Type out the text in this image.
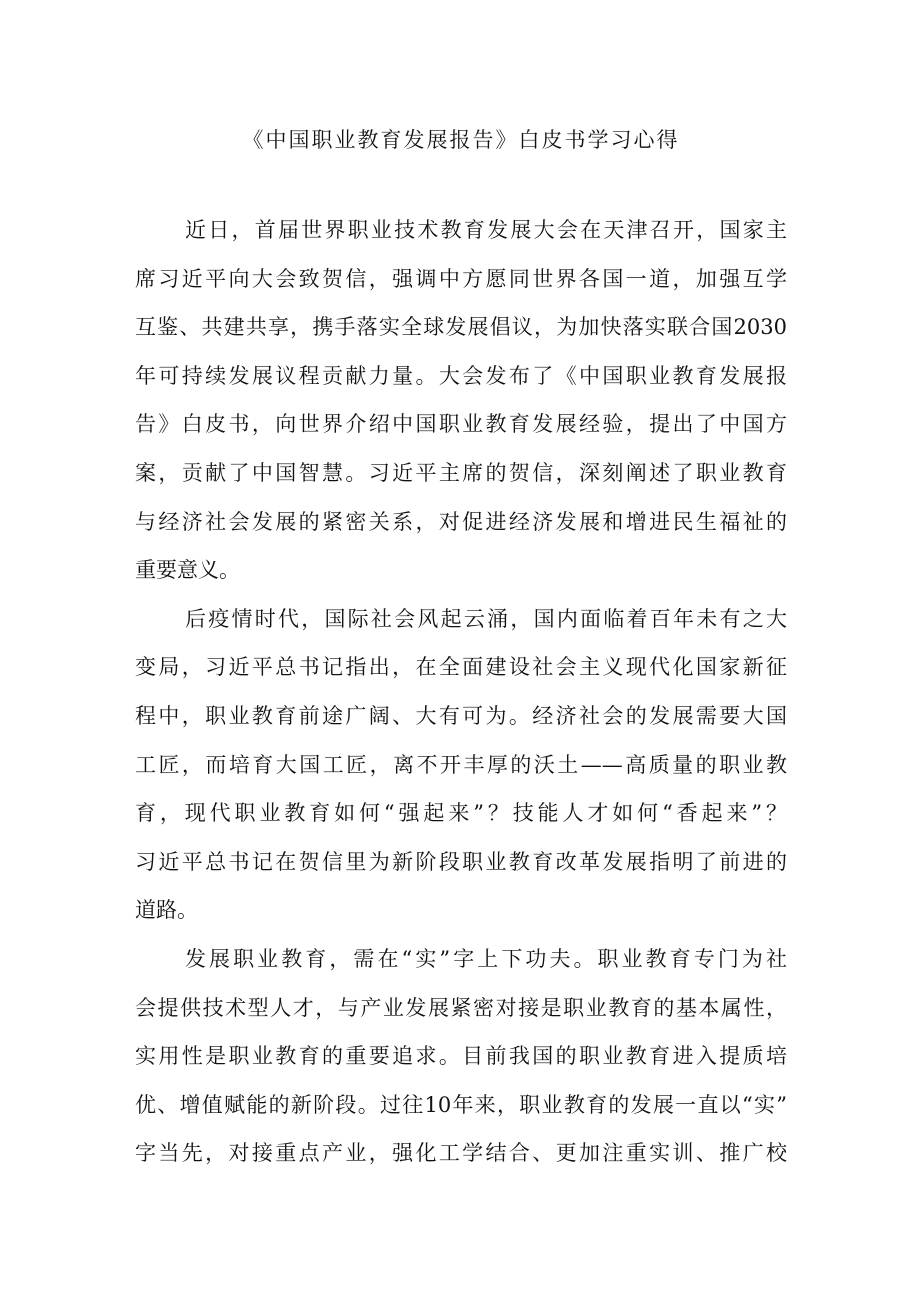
《中国职业教育发展报告》白皮书学习心得
近日，首届世界职业技术教育发展大会在天津召开，国家主
席习近平向大会致贺信，强调中方愿同世界各国一道，加强互学
互鉴、共建共享，携手落实全球发展倡议，为加快落实联合国2030
年可持续发展议程贡献力量。大会发布了《中国职业教育发展报
告》白皮书，向世界介绍中国职业教育发展经验，提出了中国方
案，贡献了中国智慧。习近平主席的贺信，深刻阐述了职业教育
与经济社会发展的紧密关系，对促进经济发展和增进民生福祉的
重要意义。
后疫情时代，国际社会风起云涌，国内面临着百年未有之大
变局，习近平总书记指出，在全面建设社会主义现代化国家新征
程中，职业教育前途广阔、大有可为。经济社会的发展需要大国
工匠，而培育大国工匠，离不开丰厚的沃土——高质量的职业教
育，现代职业教育如何“强起来”？技能人才如何“香起来”？
习近平总书记在贺信里为新阶段职业教育改革发展指明了前进的
道路。
发展职业教育，需在“实”字上下功夫。职业教育专门为社
会提供技术型人才，与产业发展紧密对接是职业教育的基本属性，
实用性是职业教育的重要追求。目前我国的职业教育进入提质培
优、增值赋能的新阶段。过往10年来，职业教育的发展一直以“实”
字当先，对接重点产业，强化工学结合、更加注重实训、推广校
